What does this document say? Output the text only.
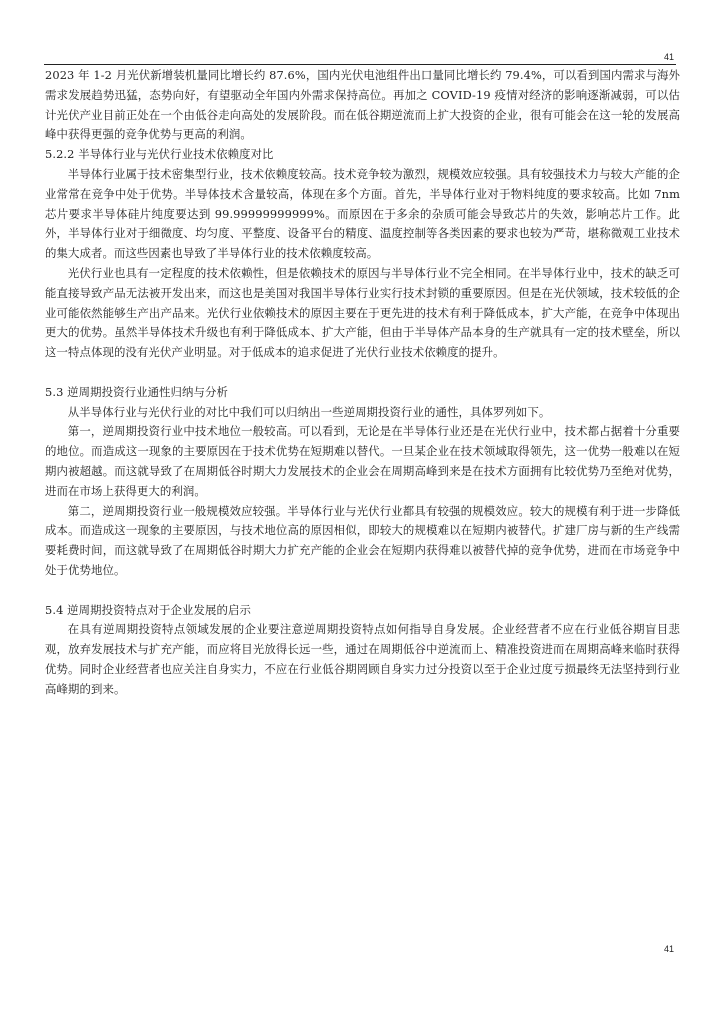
41

2023 年 1-2 月光伏新增装机量同比增长约 87.6%，国内光伏电池组件出口量同比增长约 79.4%，可以看到国内需求与海外需求发展趋势迅猛，态势向好，有望驱动全年国内外需求保持高位。再加之 COVID-19 疫情对经济的影响逐渐减弱，可以估计光伏产业目前正处在一个由低谷走向高处的发展阶段。而在低谷期逆流而上扩大投资的企业，很有可能会在这一轮的发展高峰中获得更强的竞争优势与更高的利润。

5.2.2 半导体行业与光伏行业技术依赖度对比

半导体行业属于技术密集型行业，技术依赖度较高。技术竞争较为激烈，规模效应较强。具有较强技术力与较大产能的企业常常在竞争中处于优势。半导体技术含量较高，体现在多个方面。首先，半导体行业对于物料纯度的要求较高。比如 7nm 芯片要求半导体硅片纯度要达到 99.99999999999%。而原因在于多余的杂质可能会导致芯片的失效，影响芯片工作。此外，半导体行业对于细微度、均匀度、平整度、设备平台的精度、温度控制等各类因素的要求也较为严苛，堪称微观工业技术的集大成者。而这些因素也导致了半导体行业的技术依赖度较高。

光伏行业也具有一定程度的技术依赖性，但是依赖技术的原因与半导体行业不完全相同。在半导体行业中，技术的缺乏可能直接导致产品无法被开发出来，而这也是美国对我国半导体行业实行技术封锁的重要原因。但是在光伏领域，技术较低的企业可能依然能够生产出产品来。光伏行业依赖技术的原因主要在于更先进的技术有利于降低成本，扩大产能，在竞争中体现出更大的优势。虽然半导体技术升级也有利于降低成本、扩大产能，但由于半导体产品本身的生产就具有一定的技术壁垒，所以这一特点体现的没有光伏产业明显。对于低成本的追求促进了光伏行业技术依赖度的提升。

5.3 逆周期投资行业通性归纳与分析

从半导体行业与光伏行业的对比中我们可以归纳出一些逆周期投资行业的通性，具体罗列如下。

第一，逆周期投资行业中技术地位一般较高。可以看到，无论是在半导体行业还是在光伏行业中，技术都占据着十分重要的地位。而造成这一现象的主要原因在于技术优势在短期难以替代。一旦某企业在技术领域取得领先，这一优势一般难以在短期内被超越。而这就导致了在周期低谷时期大力发展技术的企业会在周期高峰到来是在技术方面拥有比较优势乃至绝对优势，进而在市场上获得更大的利润。

第二，逆周期投资行业一般规模效应较强。半导体行业与光伏行业都具有较强的规模效应。较大的规模有利于进一步降低成本。而造成这一现象的主要原因，与技术地位高的原因相似，即较大的规模难以在短期内被替代。扩建厂房与新的生产线需要耗费时间，而这就导致了在周期低谷时期大力扩充产能的企业会在短期内获得难以被替代掉的竞争优势，进而在市场竞争中处于优势地位。

5.4 逆周期投资特点对于企业发展的启示

在具有逆周期投资特点领域发展的企业要注意逆周期投资特点如何指导自身发展。企业经营者不应在行业低谷期盲目悲观，放弃发展技术与扩充产能，而应将目光放得长远一些，通过在周期低谷中逆流而上、精准投资进而在周期高峰来临时获得优势。同时企业经营者也应关注自身实力，不应在行业低谷期罔顾自身实力过分投资以至于企业过度亏损最终无法坚持到行业高峰期的到来。

41
